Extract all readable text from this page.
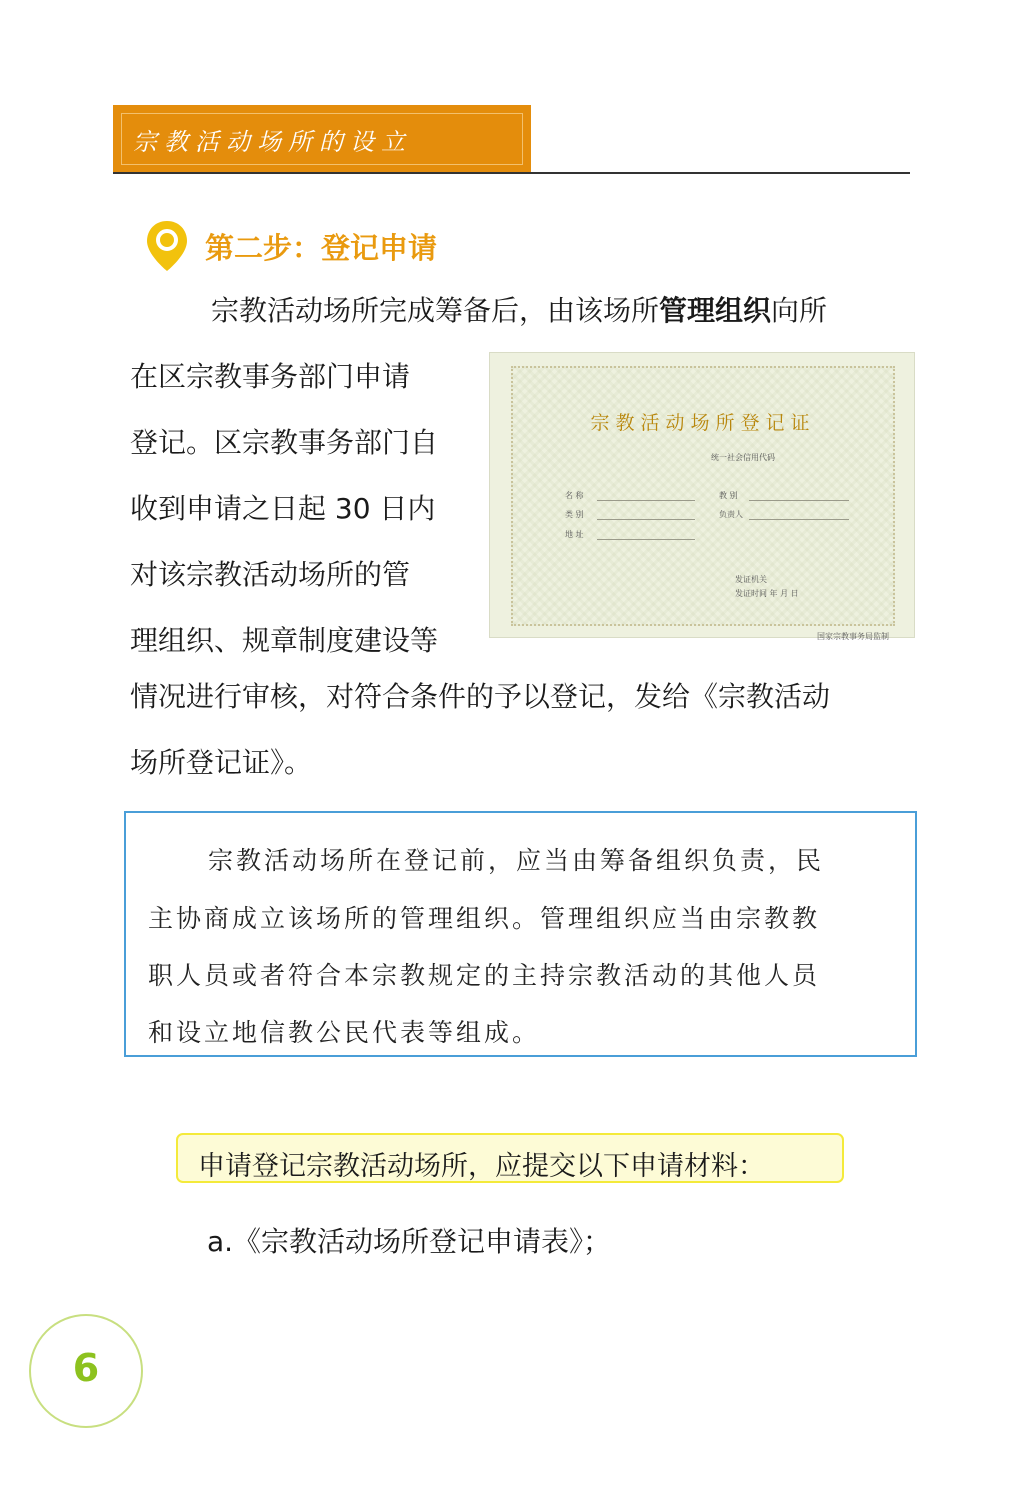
宗教活动场所的设立
第二步：登记申请
宗教活动场所完成筹备后，由该场所管理组织向所
在区宗教事务部门申请
登记。区宗教事务部门自
收到申请之日起 30 日内
对该宗教活动场所的管
理组织、规章制度建设等
宗教活动场所登记证
统一社会信用代码
名 称	教 别
类 别	负责人
地 址
发证机关
发证时间 年 月 日
国家宗教事务局监制
情况进行审核，对符合条件的予以登记，发给《宗教活动
场所登记证》。
宗教活动场所在登记前，应当由筹备组织负责，民
主协商成立该场所的管理组织。管理组织应当由宗教教
职人员或者符合本宗教规定的主持宗教活动的其他人员
和设立地信教公民代表等组成。
申请登记宗教活动场所，应提交以下申请材料：
a.《宗教活动场所登记申请表》；
6
